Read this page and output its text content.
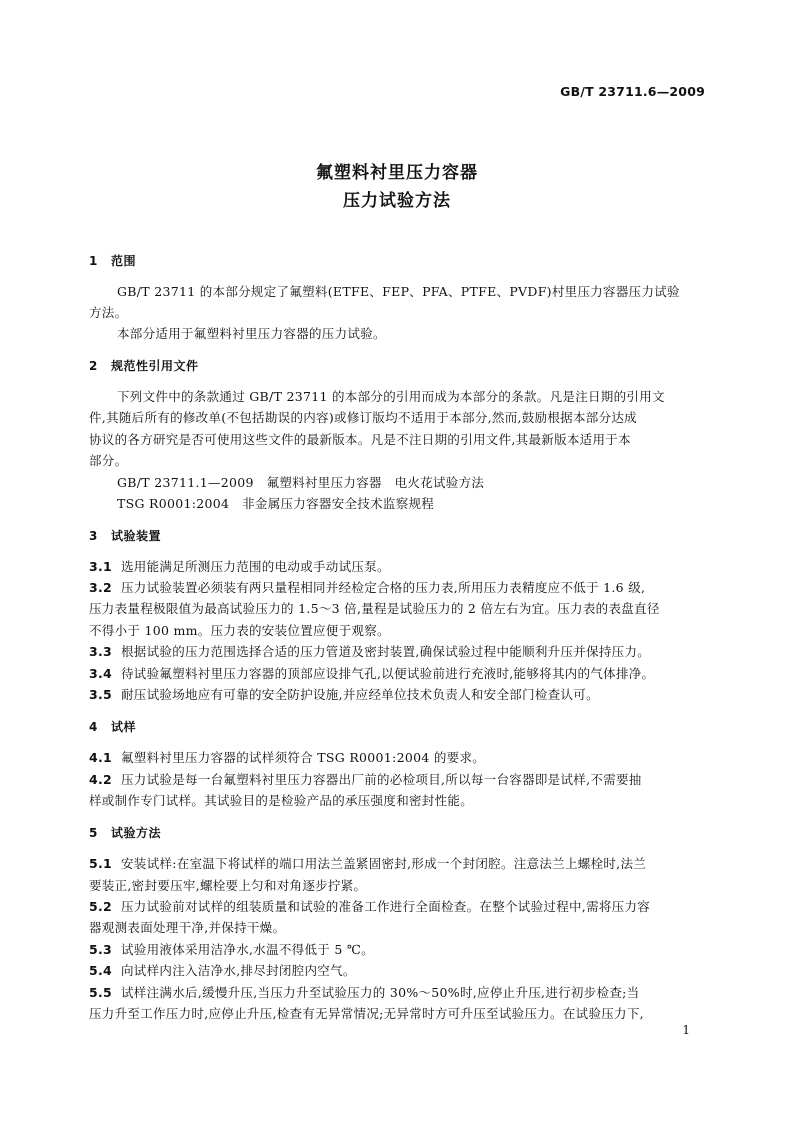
GB/T 23711.6—2009
氟塑料衬里压力容器
压力试验方法
1 范围
GB/T 23711 的本部分规定了氟塑料(ETFE、FEP、PFA、PTFE、PVDF)村里压力容器压力试验
方法。
本部分适用于氟塑料衬里压力容器的压力试验。
2 规范性引用文件
下列文件中的条款通过 GB/T 23711 的本部分的引用而成为本部分的条款。凡是注日期的引用文
件,其随后所有的修改单(不包括勘误的内容)或修订版均不适用于本部分,然而,鼓励根据本部分达成
协议的各方研究是否可使用这些文件的最新版本。凡是不注日期的引用文件,其最新版本适用于本
部分。
GB/T 23711.1—2009　氟塑料衬里压力容器　电火花试验方法
TSG R0001:2004　非金属压力容器安全技术监察规程
3 试验装置
3.1 选用能满足所测压力范围的电动或手动试压泵。
3.2 压力试验装置必须装有两只量程相同并经检定合格的压力表,所用压力表精度应不低于 1.6 级,
压力表量程极限值为最高试验压力的 1.5～3 倍,量程是试验压力的 2 倍左右为宜。压力表的表盘直径
不得小于 100 mm。压力表的安装位置应便于观察。
3.3 根据试验的压力范围选择合适的压力管道及密封装置,确保试验过程中能顺利升压并保持压力。
3.4 待试验氟塑料衬里压力容器的顶部应设排气孔,以便试验前进行充液时,能够将其内的气体排净。
3.5 耐压试验场地应有可靠的安全防护设施,并应经单位技术负责人和安全部门检查认可。
4 试样
4.1 氟塑料衬里压力容器的试样须符合 TSG R0001:2004 的要求。
4.2 压力试验是每一台氟塑料衬里压力容器出厂前的必检项目,所以每一台容器即是试样,不需要抽
样或制作专门试样。其试验目的是检验产品的承压强度和密封性能。
5 试验方法
5.1 安装试样:在室温下将试样的端口用法兰盖紧固密封,形成一个封闭腔。注意法兰上螺栓时,法兰
要装正,密封要压牢,螺栓要上匀和对角逐步拧紧。
5.2 压力试验前对试样的组装质量和试验的准备工作进行全面检查。在整个试验过程中,需将压力容
器观测表面处理干净,并保持干燥。
5.3 试验用液体采用洁净水,水温不得低于 5 ℃。
5.4 向试样内注入洁净水,排尽封闭腔内空气。
5.5 试样注满水后,缓慢升压,当压力升至试验压力的 30%～50%时,应停止升压,进行初步检查;当
压力升至工作压力时,应停止升压,检查有无异常情况;无异常时方可升压至试验压力。在试验压力下,
1
